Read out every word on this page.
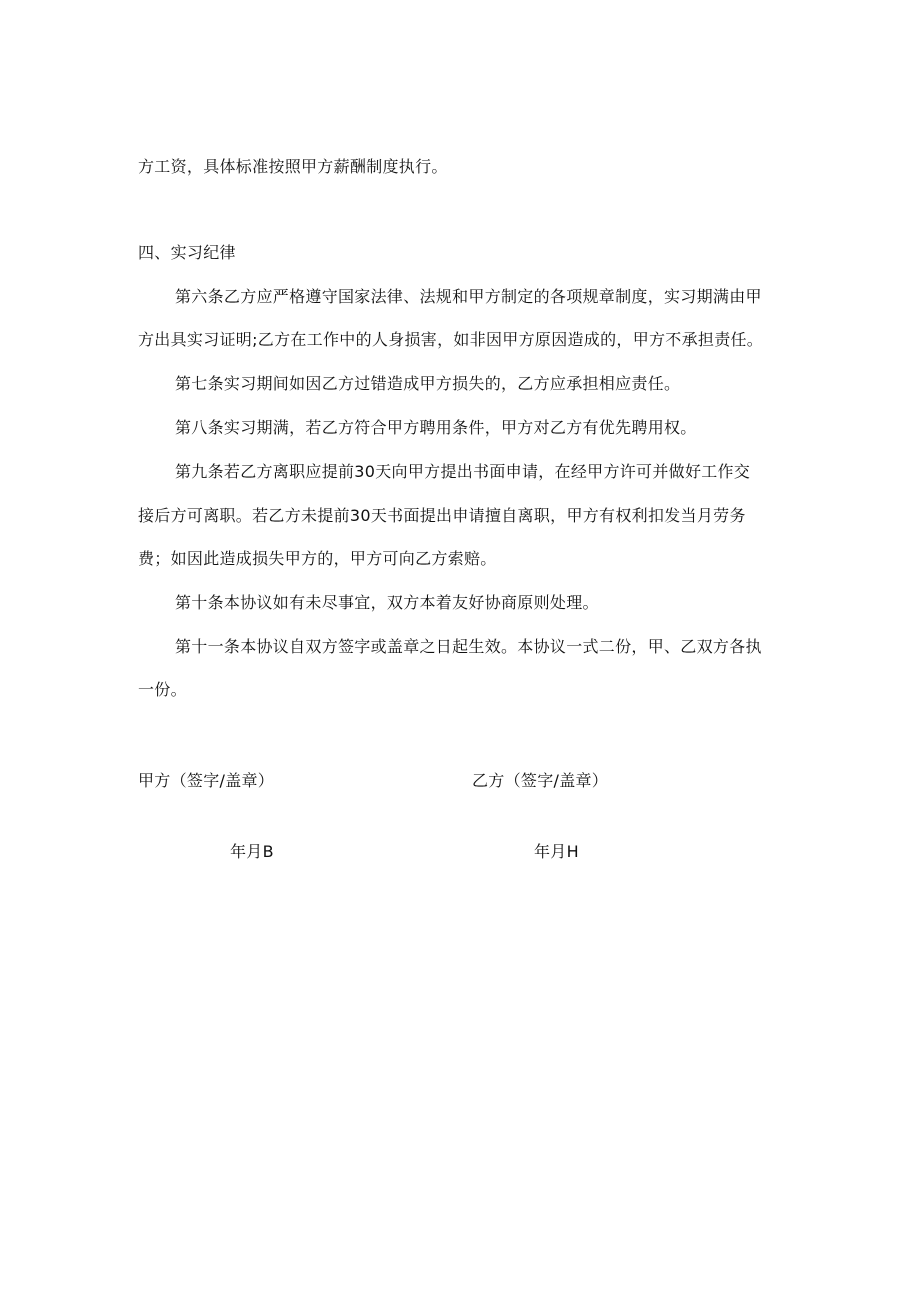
方工资，具体标准按照甲方薪酬制度执行。
四、实习纪律
第六条乙方应严格遵守国家法律、法规和甲方制定的各项规章制度，实习期满由甲
方出具实习证明;乙方在工作中的人身损害，如非因甲方原因造成的，甲方不承担责任。
第七条实习期间如因乙方过错造成甲方损失的，乙方应承担相应责任。
第八条实习期满，若乙方符合甲方聘用条件，甲方对乙方有优先聘用权。
第九条若乙方离职应提前30天向甲方提出书面申请，在经甲方许可并做好工作交
接后方可离职。若乙方未提前30天书面提出申请擅自离职，甲方有权利扣发当月劳务
费；如因此造成损失甲方的，甲方可向乙方索赔。
第十条本协议如有未尽事宜，双方本着友好协商原则处理。
第十一条本协议自双方签字或盖章之日起生效。本协议一式二份，甲、乙双方各执
一份。
甲方（签字/盖章）	乙方（签字/盖章）
年月B	年月H
